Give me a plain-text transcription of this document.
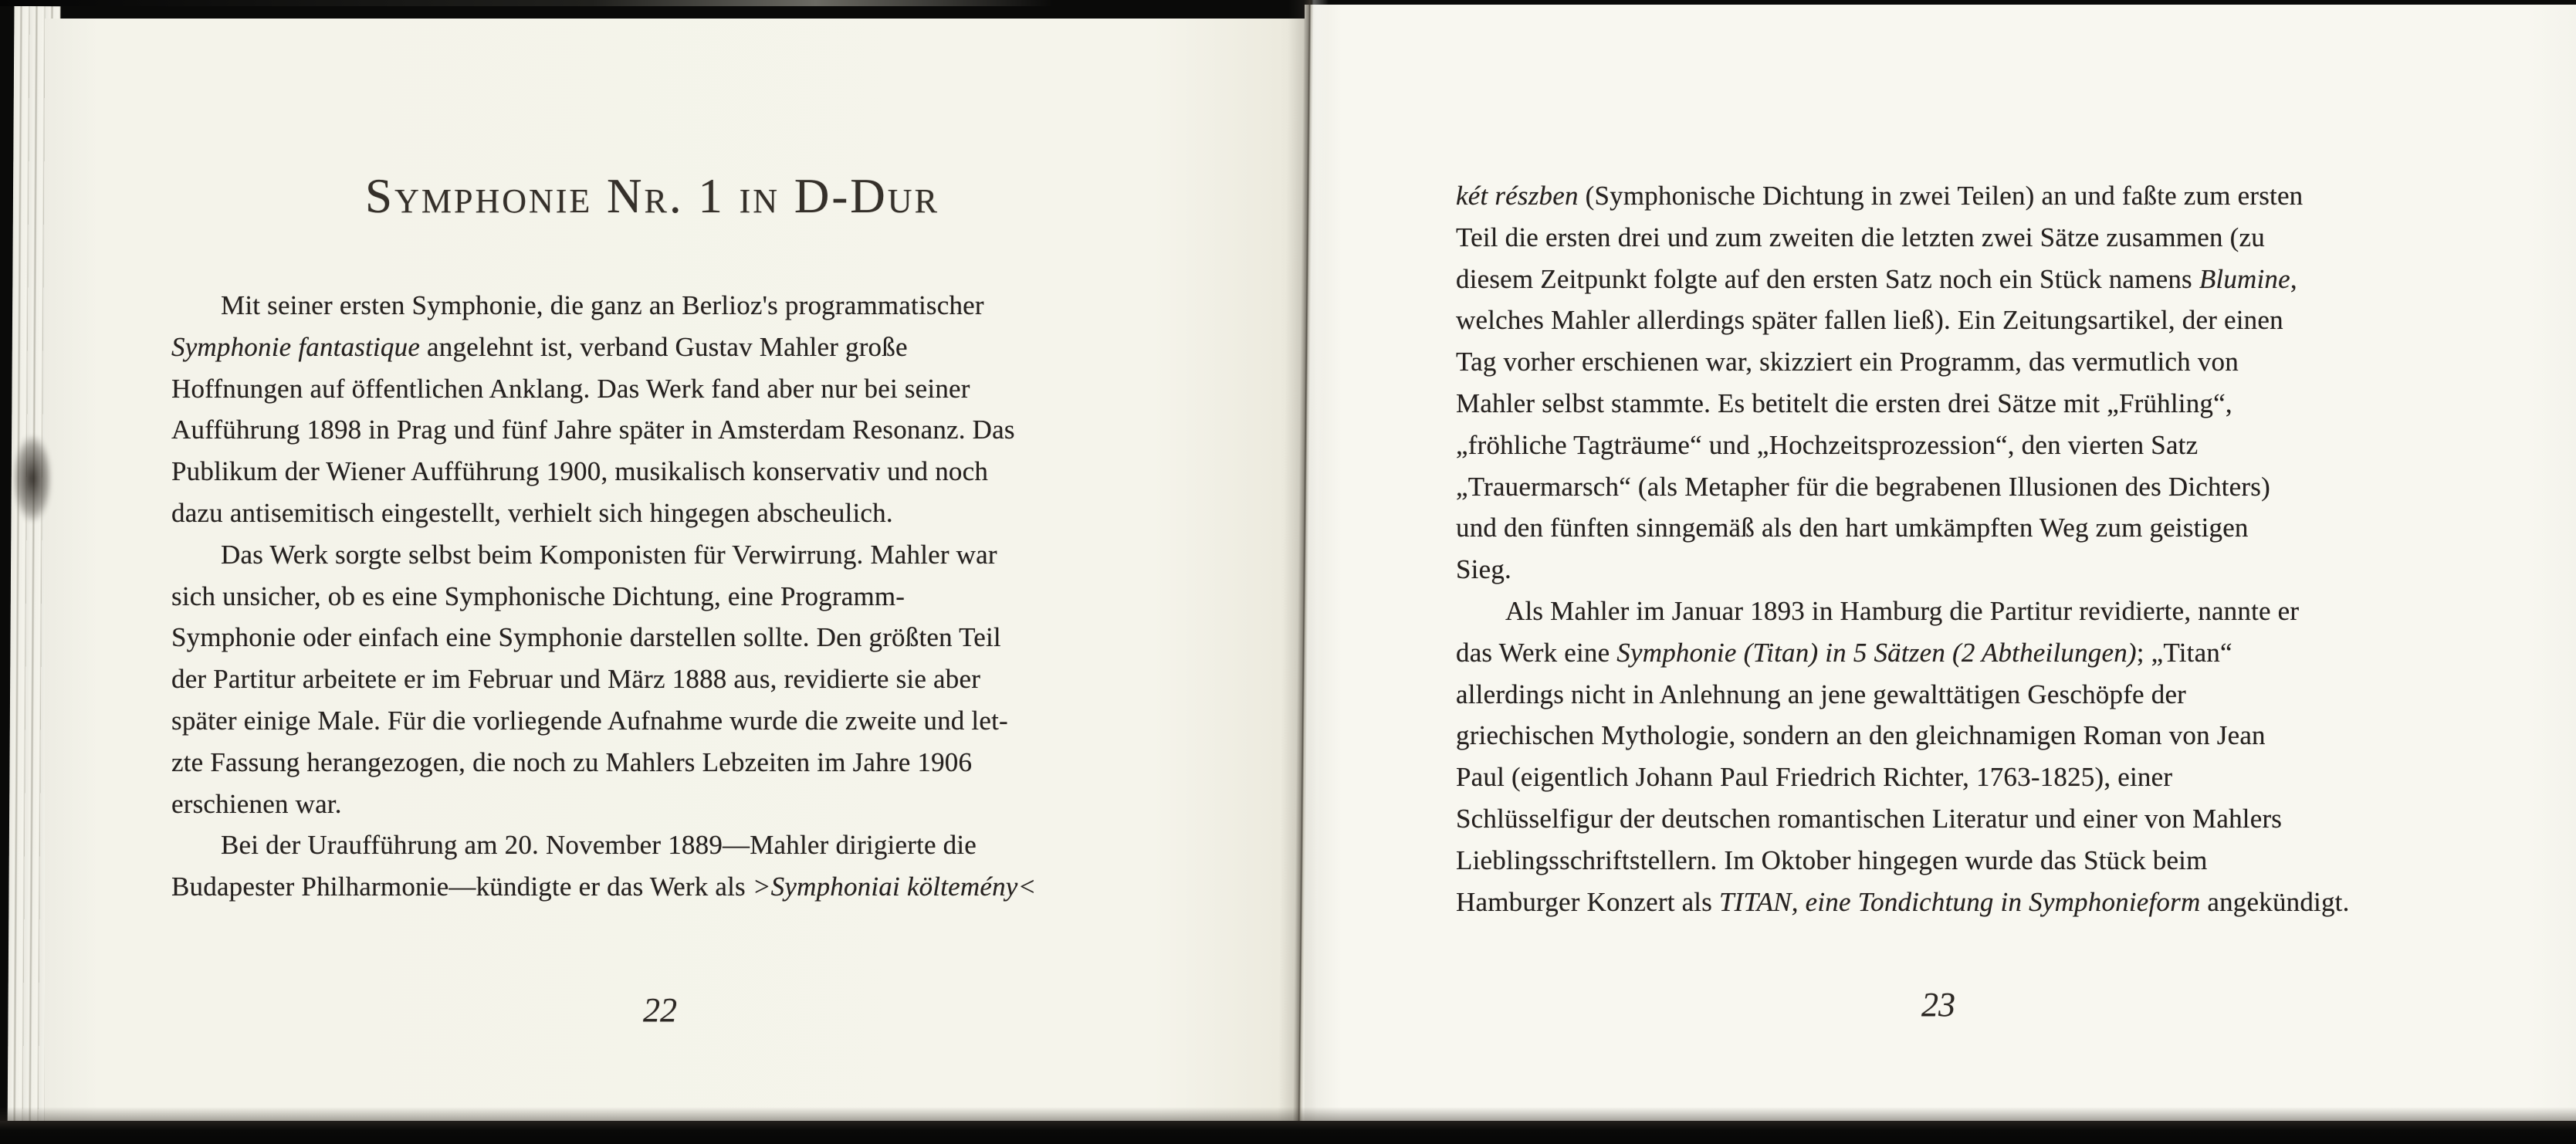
Symphonie Nr. 1 in D-Dur
Mit seiner ersten Symphonie, die ganz an Berlioz's programmatischer
Symphonie fantastique angelehnt ist, verband Gustav Mahler große
Hoffnungen auf öffentlichen Anklang. Das Werk fand aber nur bei seiner
Aufführung 1898 in Prag und fünf Jahre später in Amsterdam Resonanz. Das
Publikum der Wiener Aufführung 1900, musikalisch konservativ und noch
dazu antisemitisch eingestellt, verhielt sich hingegen abscheulich.
Das Werk sorgte selbst beim Komponisten für Verwirrung. Mahler war
sich unsicher, ob es eine Symphonische Dichtung, eine Programm-
Symphonie oder einfach eine Symphonie darstellen sollte. Den größten Teil
der Partitur arbeitete er im Februar und März 1888 aus, revidierte sie aber
später einige Male. Für die vorliegende Aufnahme wurde die zweite und let-
zte Fassung herangezogen, die noch zu Mahlers Lebzeiten im Jahre 1906
erschienen war.
Bei der Uraufführung am 20. November 1889—Mahler dirigierte die
Budapester Philharmonie—kündigte er das Werk als >Symphoniai költemény<
két részben (Symphonische Dichtung in zwei Teilen) an und faßte zum ersten
Teil die ersten drei und zum zweiten die letzten zwei Sätze zusammen (zu
diesem Zeitpunkt folgte auf den ersten Satz noch ein Stück namens Blumine,
welches Mahler allerdings später fallen ließ). Ein Zeitungsartikel, der einen
Tag vorher erschienen war, skizziert ein Programm, das vermutlich von
Mahler selbst stammte. Es betitelt die ersten drei Sätze mit „Frühling“,
„fröhliche Tagträume“ und „Hochzeitsprozession“, den vierten Satz
„Trauermarsch“ (als Metapher für die begrabenen Illusionen des Dichters)
und den fünften sinngemäß als den hart umkämpften Weg zum geistigen
Sieg.
Als Mahler im Januar 1893 in Hamburg die Partitur revidierte, nannte er
das Werk eine Symphonie (Titan) in 5 Sätzen (2 Abtheilungen); „Titan“
allerdings nicht in Anlehnung an jene gewalttätigen Geschöpfe der
griechischen Mythologie, sondern an den gleichnamigen Roman von Jean
Paul (eigentlich Johann Paul Friedrich Richter, 1763-1825), einer
Schlüsselfigur der deutschen romantischen Literatur und einer von Mahlers
Lieblingsschriftstellern. Im Oktober hingegen wurde das Stück beim
Hamburger Konzert als TITAN, eine Tondichtung in Symphonieform angekündigt.
22	23
